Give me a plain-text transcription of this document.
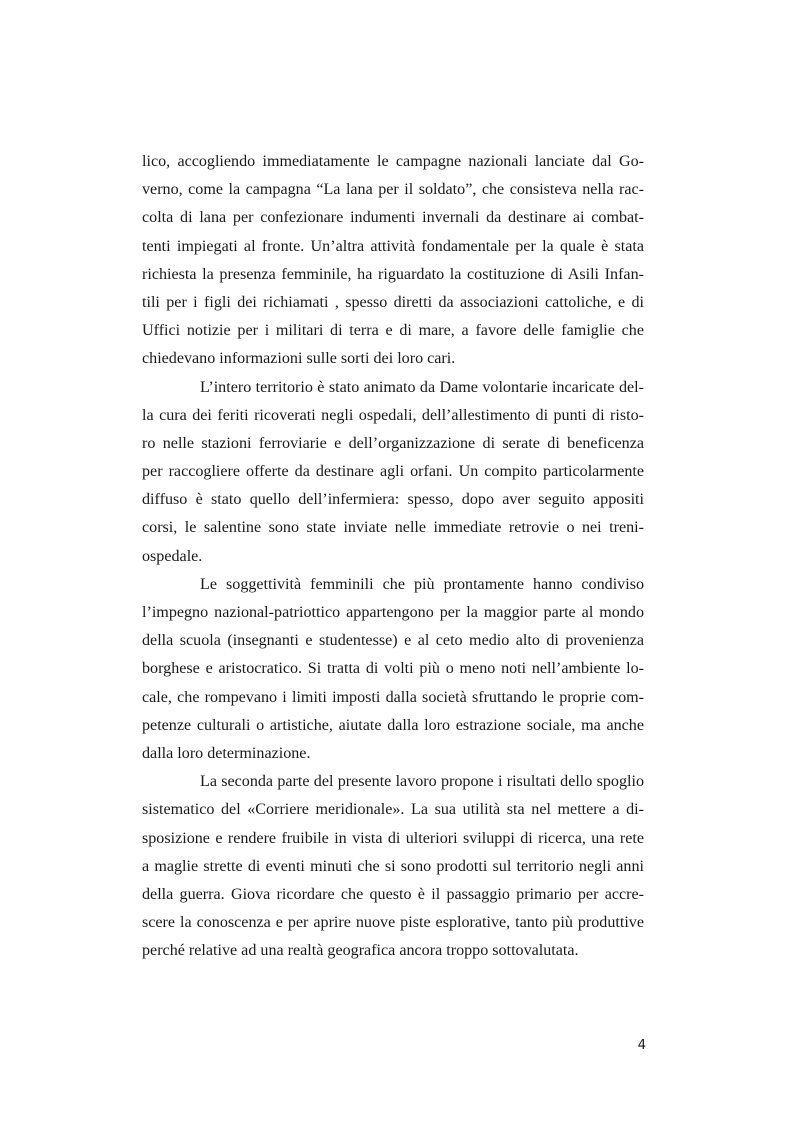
lico, accogliendo immediatamente le campagne nazionali lanciate dal Go-
verno, come la campagna “La lana per il soldato”, che consisteva nella rac-
colta di lana per confezionare indumenti invernali da destinare ai combat-
tenti impiegati al fronte. Un’altra attività fondamentale per la quale è stata
richiesta la presenza femminile, ha riguardato la costituzione di Asili Infan-
tili per i figli dei richiamati , spesso diretti da associazioni cattoliche, e di
Uffici notizie per i militari di terra e di mare, a favore delle famiglie che
chiedevano informazioni sulle sorti dei loro cari.
L’intero territorio è stato animato da Dame volontarie incaricate del-
la cura dei feriti ricoverati negli ospedali, dell’allestimento di punti di risto-
ro nelle stazioni ferroviarie e dell’organizzazione di serate di beneficenza
per raccogliere offerte da destinare agli orfani. Un compito particolarmente
diffuso è stato quello dell’infermiera: spesso, dopo aver seguito appositi
corsi, le salentine sono state inviate nelle immediate retrovie o nei treni-
ospedale.
Le soggettività femminili che più prontamente hanno condiviso
l’impegno nazional-patriottico appartengono per la maggior parte al mondo
della scuola (insegnanti e studentesse) e al ceto medio alto di provenienza
borghese e aristocratico. Si tratta di volti più o meno noti nell’ambiente lo-
cale, che rompevano i limiti imposti dalla società sfruttando le proprie com-
petenze culturali o artistiche, aiutate dalla loro estrazione sociale, ma anche
dalla loro determinazione.
La seconda parte del presente lavoro propone i risultati dello spoglio
sistematico del «Corriere meridionale». La sua utilità sta nel mettere a di-
sposizione e rendere fruibile in vista di ulteriori sviluppi di ricerca, una rete
a maglie strette di eventi minuti che si sono prodotti sul territorio negli anni
della guerra. Giova ricordare che questo è il passaggio primario per accre-
scere la conoscenza e per aprire nuove piste esplorative, tanto più produttive
perché relative ad una realtà geografica ancora troppo sottovalutata.
4
